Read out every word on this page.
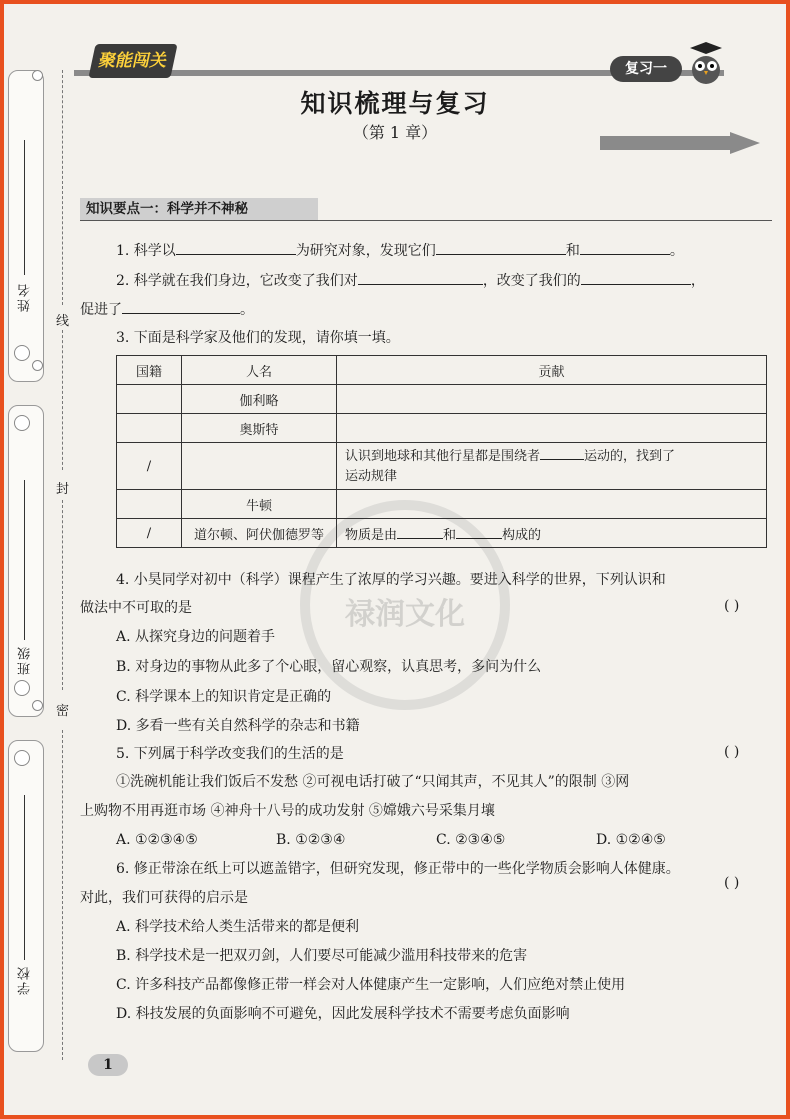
姓名
班级
学校
线
封
密
聚能闯关	复习一
知识梳理与复习
（第 1 章）
知识要点一：科学并不神秘
禄润文化
1. 科学以	为研究对象，发现它们	和	。
2. 科学就在我们身边，它改变了我们对	，改变了我们的	，
促进了	。
3. 下面是科学家及他们的发现，请你填一填。
国籍	人名	贡献
	伽利略	
	奥斯特	
/		认识到地球和其他行星都是围绕者 运动的，找到了
运动规律
	牛顿	
/	道尔顿、阿伏伽德罗等	物质是由 和 构成的
4. 小昊同学对初中（科学）课程产生了浓厚的学习兴趣。要进入科学的世界，下列认识和
做法中不可取的是	( )
A. 从探究身边的问题着手
B. 对身边的事物从此多了个心眼，留心观察，认真思考，多问为什么
C. 科学课本上的知识肯定是正确的
D. 多看一些有关自然科学的杂志和书籍
5. 下列属于科学改变我们的生活的是	( )
①洗碗机能让我们饭后不发愁 ②可视电话打破了“只闻其声，不见其人”的限制 ③网
上购物不用再逛市场 ④神舟十八号的成功发射 ⑤嫦娥六号采集月壤
A. ①②③④⑤	B. ①②③④	C. ②③④⑤	D. ①②④⑤
6. 修正带涂在纸上可以遮盖错字，但研究发现，修正带中的一些化学物质会影响人体健康。
对此，我们可获得的启示是
( )
A. 科学技术给人类生活带来的都是便利
B. 科学技术是一把双刃剑，人们要尽可能减少滥用科技带来的危害
C. 许多科技产品都像修正带一样会对人体健康产生一定影响，人们应绝对禁止使用
D. 科技发展的负面影响不可避免，因此发展科学技术不需要考虑负面影响
1
